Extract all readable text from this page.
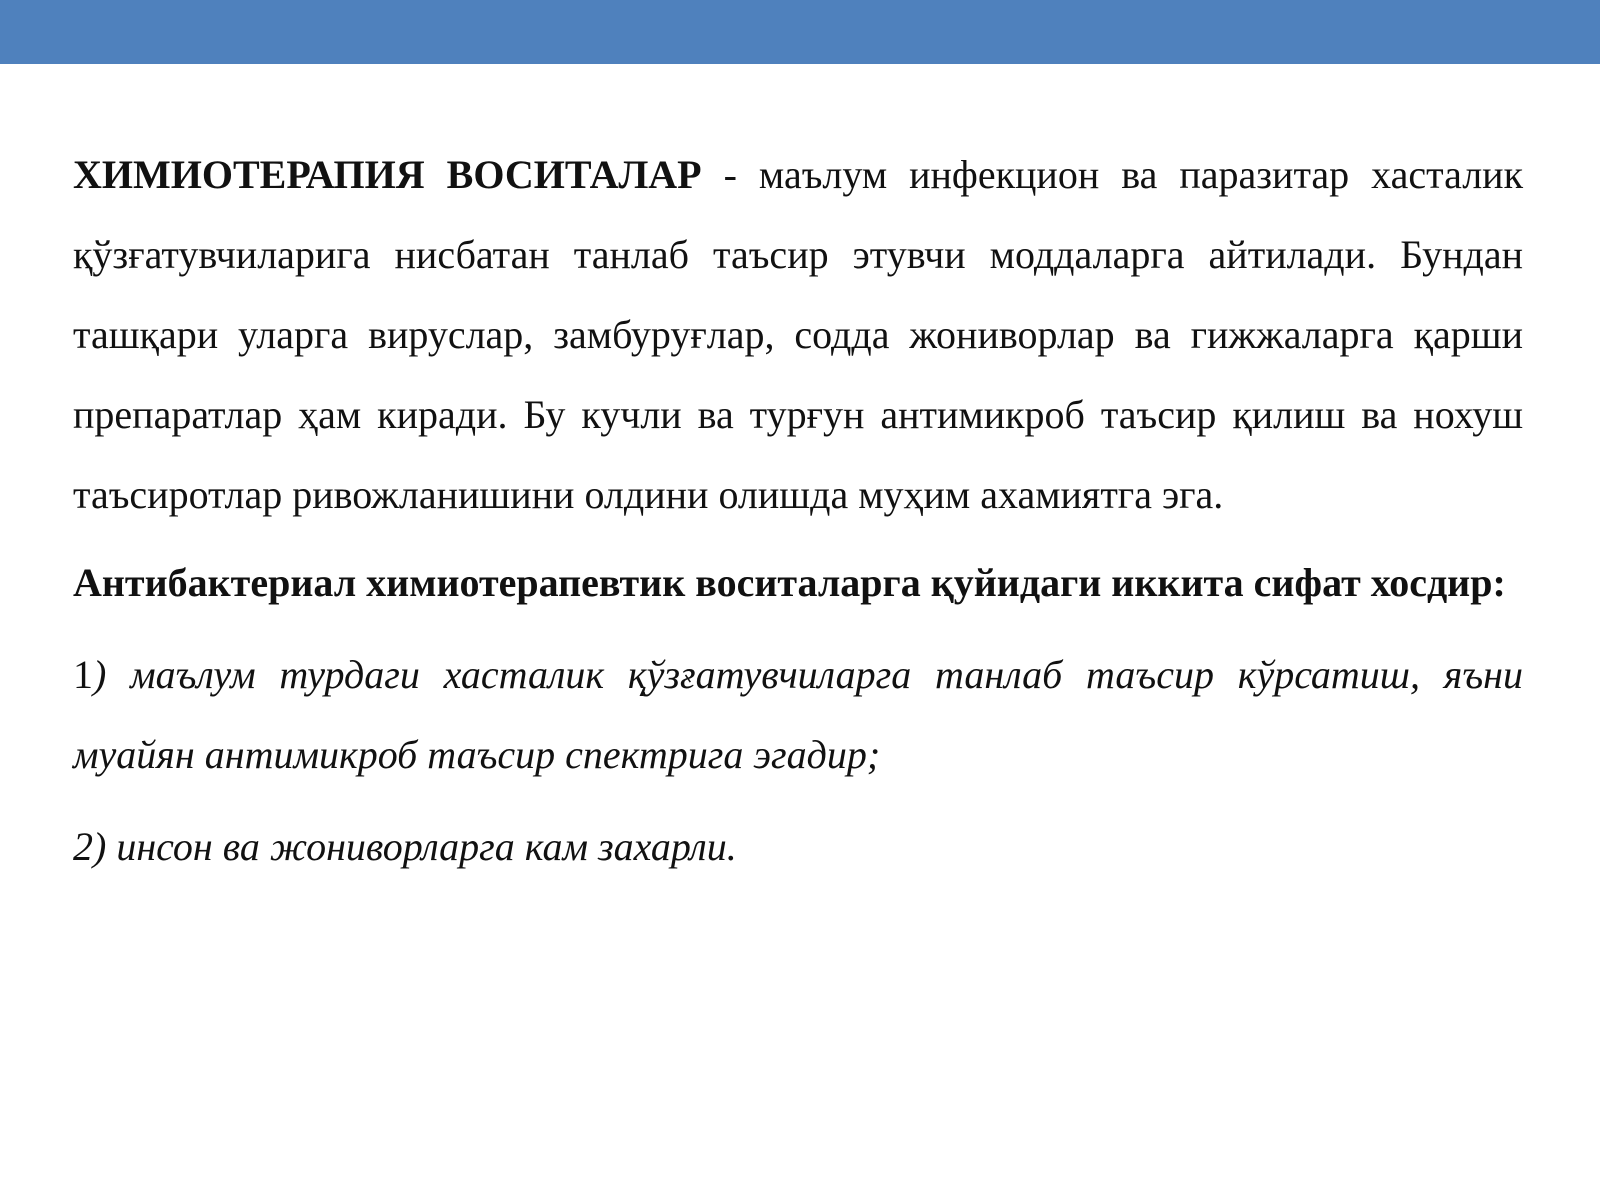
ХИМИОТЕРАПИЯ ВОСИТАЛАР - маълум инфекцион ва паразитар хасталик қўзғатувчиларига нисбатан танлаб таъсир этувчи моддаларга айтилади. Бундан ташқари уларга вируслар, замбуруғлар, содда жониворлар ва гижжаларга қарши препаратлар ҳам киради. Бу кучли ва турғун антимикроб таъсир қилиш ва нохуш таъсиротлар ривожланишини олдини олишда муҳим ахамиятга эга.

Антибактериал химиотерапевтик воситаларга қуйидаги иккита сифат хосдир:

1) маълум турдаги хасталик қўзғатувчиларга танлаб таъсир кўрсатиш, яъни муайян антимикроб таъсир спектрига эгадир;

2) инсон ва жониворларга кам захарли.
